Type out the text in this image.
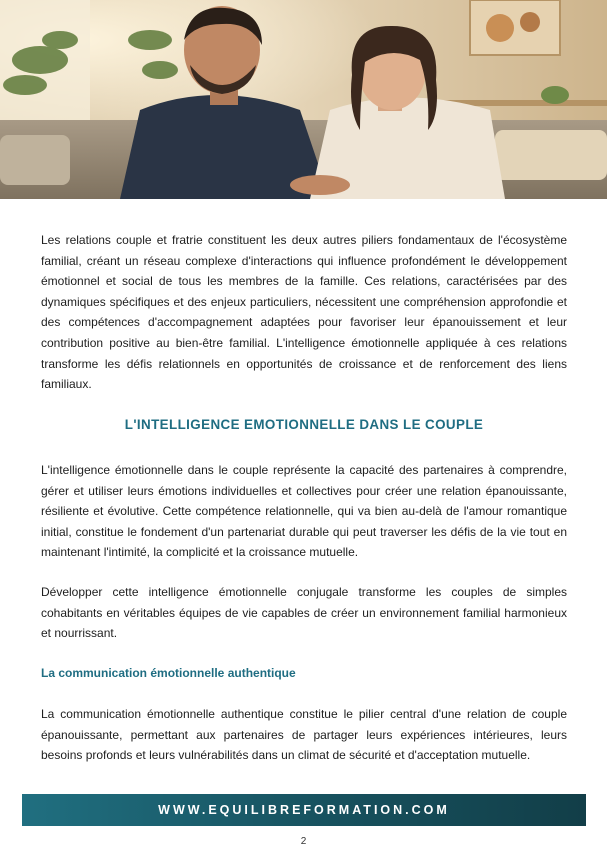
Les relations couple et fratrie constituent les deux autres piliers fondamentaux de l'écosystème familial, créant un réseau complexe d'interactions qui influence profondément le développement émotionnel et social de tous les membres de la famille. Ces relations, caractérisées par des dynamiques spécifiques et des enjeux particuliers, nécessitent une compréhension approfondie et des compétences d'accompagnement adaptées pour favoriser leur épanouissement et leur contribution positive au bien-être familial. L'intelligence émotionnelle appliquée à ces relations transforme les défis relationnels en opportunités de croissance et de renforcement des liens familiaux.

L'INTELLIGENCE EMOTIONNELLE DANS LE COUPLE

L'intelligence émotionnelle dans le couple représente la capacité des partenaires à comprendre, gérer et utiliser leurs émotions individuelles et collectives pour créer une relation épanouissante, résiliente et évolutive. Cette compétence relationnelle, qui va bien au-delà de l'amour romantique initial, constitue le fondement d'un partenariat durable qui peut traverser les défis de la vie tout en maintenant l'intimité, la complicité et la croissance mutuelle.

Développer cette intelligence émotionnelle conjugale transforme les couples de simples cohabitants en véritables équipes de vie capables de créer un environnement familial harmonieux et nourrissant.

La communication émotionnelle authentique

La communication émotionnelle authentique constitue le pilier central d'une relation de couple épanouissante, permettant aux partenaires de partager leurs expériences intérieures, leurs besoins profonds et leurs vulnérabilités dans un climat de sécurité et d'acceptation mutuelle.

WWW.EQUILIBREFORMATION.COM
2
